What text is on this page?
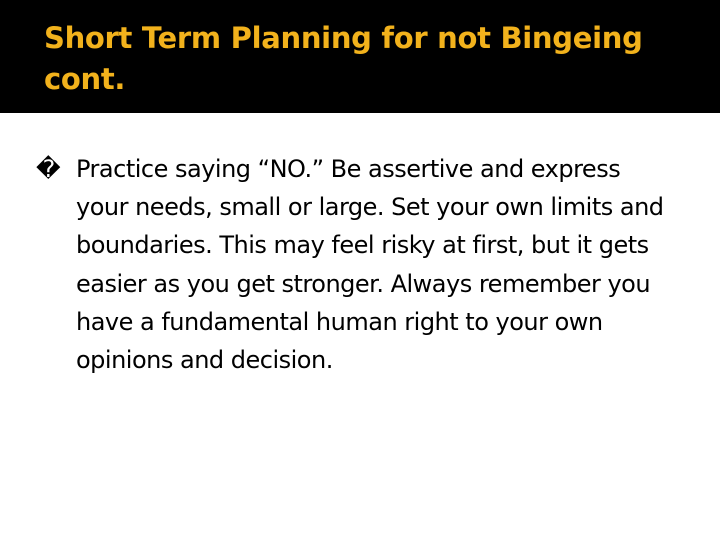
Short Term Planning for not Bingeing cont.

� Practice saying “NO.” Be assertive and express your needs, small or large. Set your own limits and boundaries. This may feel risky at first, but it gets easier as you get stronger. Always remember you have a fundamental human right to your own opinions and decision.
